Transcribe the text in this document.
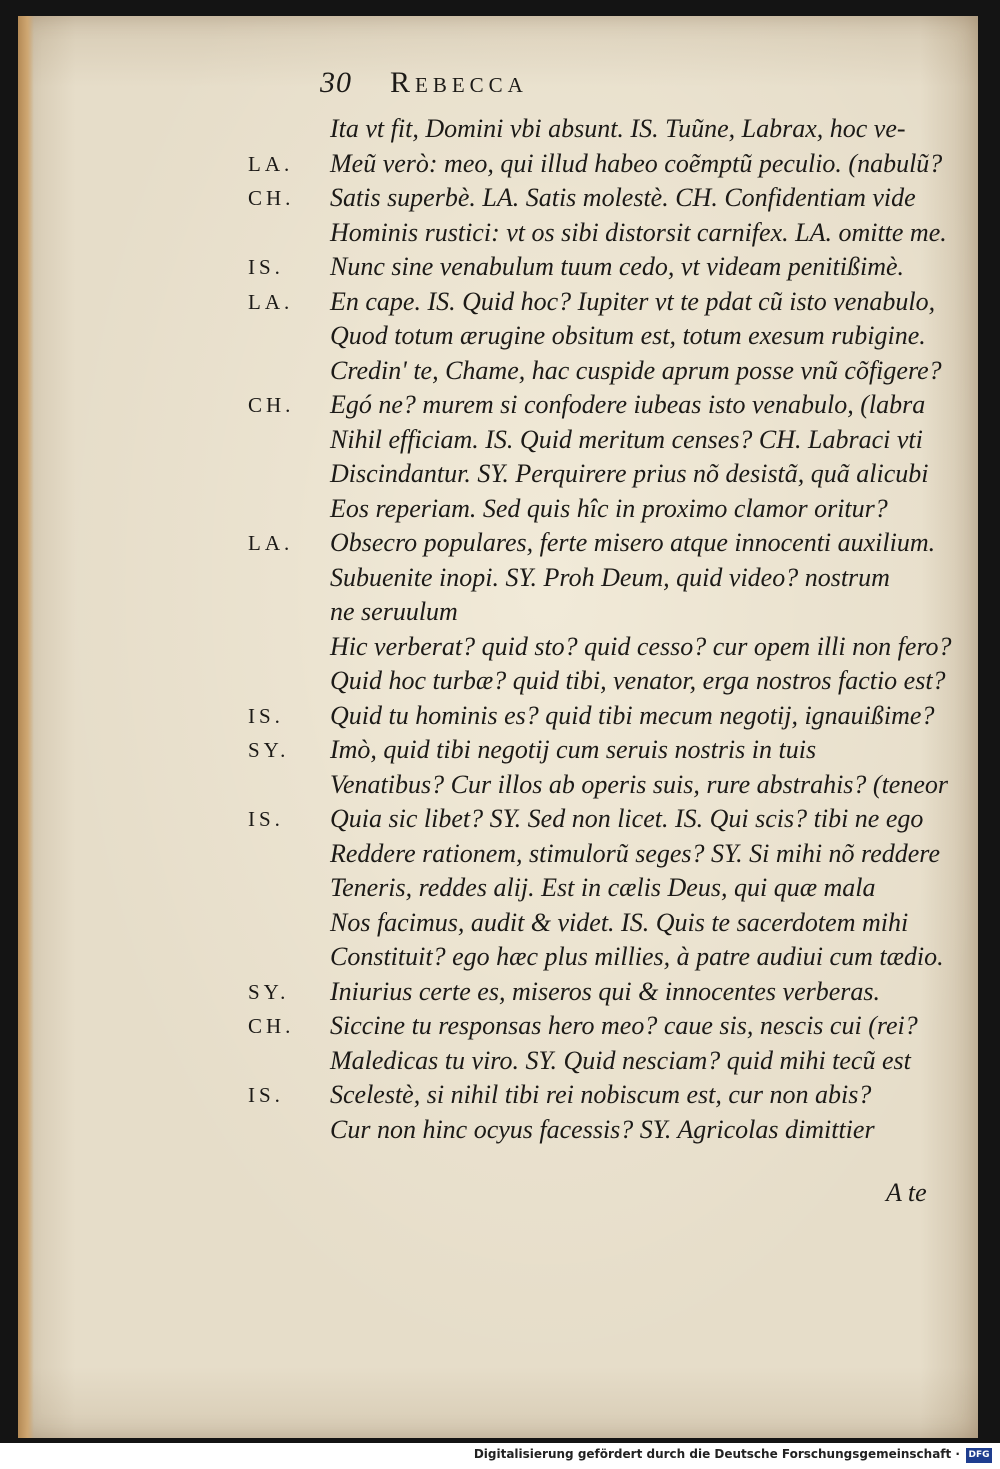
30 Rebecca
Ita vt fit, Domini vbi absunt. IS. Tuũne, Labrax, hoc ve-
LA. Meũ verò: meo, qui illud habeo coẽmptũ peculio. (nabulũ?
CH. Satis superbè. LA. Satis molestè. CH. Confidentiam vide
Hominis rustici: vt os sibi distorsit carnifex. LA. omitte me.
IS. Nunc sine venabulum tuum cedo, vt videam penitißimè.
LA. En cape. IS. Quid hoc? Iupiter vt te pdat cũ isto venabulo,
Quod totum ærugine obsitum est, totum exesum rubigine.
Credin' te, Chame, hac cuspide aprum posse vnũ cõfigere?
CH. Egó ne? murem si confodere iubeas isto venabulo, (labra
Nihil efficiam. IS. Quid meritum censes? CH. Labraci vti
Discindantur. SY. Perquirere prius nõ desistã, quã alicubi
Eos reperiam. Sed quis hîc in proximo clamor oritur?
LA. Obsecro populares, ferte misero atque innocenti auxilium.
Subuenite inopi. SY. Proh Deum, quid video? nostrum
ne seruulum
Hic verberat? quid sto? quid cesso? cur opem illi non fero?
Quid hoc turbæ? quid tibi, venator, erga nostros factio est?
IS. Quid tu hominis es? quid tibi mecum negotij, ignauißime?
SY. Imò, quid tibi negotij cum seruis nostris in tuis
Venatibus? Cur illos ab operis suis, rure abstrahis? (teneor
IS. Quia sic libet? SY. Sed non licet. IS. Qui scis? tibi ne ego
Reddere rationem, stimulorũ seges? SY. Si mihi nõ reddere
Teneris, reddes alij. Est in cælis Deus, qui quæ mala
Nos facimus, audit & videt. IS. Quis te sacerdotem mihi
Constituit? ego hæc plus millies, à patre audiui cum tædio.
SY. Iniurius certe es, miseros qui & innocentes verberas.
CH. Siccine tu responsas hero meo? caue sis, nescis cui (rei?
Maledicas tu viro. SY. Quid nesciam? quid mihi tecũ est
IS. Scelestè, si nihil tibi rei nobiscum est, cur non abis?
Cur non hinc ocyus facessis? SY. Agricolas dimittier
A te
Digitalisierung gefördert durch die Deutsche Forschungsgemeinschaft · DFG
